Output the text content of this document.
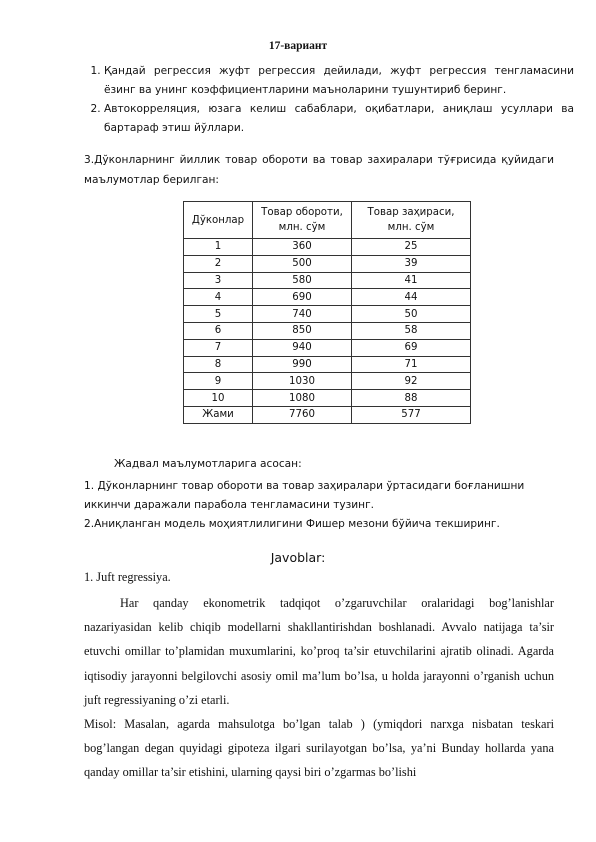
17-вариант
1. Қандай регрессия жуфт регрессия дейилади, жуфт регрессия тенгламасини ёзинг ва унинг коэффициентларини маъноларини тушунтириб беринг.
2. Автокорреляция, юзага келиш сабаблари, оқибатлари, аниқлаш усуллари ва бартараф этиш йўллари.
3.Дўконларнинг йиллик товар обороти ва товар захиралари тўғрисида қуйидаги маълумотлар берилган:
Дўконлар	Товар обороти, млн. сўм	Товар заҳираси, млн. сўм
1	360	25
2	500	39
3	580	41
4	690	44
5	740	50
6	850	58
7	940	69
8	990	71
9	1030	92
10	1080	88
Жами	7760	577
Жадвал маълумотларига асосан:
1. Дўконларнинг товар обороти ва товар заҳиралари ўртасидаги боғланишни иккинчи даражали парабола тенгламасини тузинг.
2.Аниқланган модель моҳиятлилигини Фишер мезони бўйича текширинг.
Javoblar:
1. Juft regressiya.

Har qanday ekonometrik tadqiqot o’zgaruvchilar oralaridagi bog’lanishlar nazariyasidan kelib chiqib modellarni shakllantirishdan boshlanadi. Avvalo natijaga ta’sir etuvchi omillar to’plamidan muxumlarini, ko’proq ta’sir etuvchilarini ajratib olinadi. Agarda iqtisodiy jarayonni belgilovchi asosiy omil ma’lum bo’lsa, u holda jarayonni o’rganish uchun juft regressiyaning o’zi etarli.

Misol: Masalan, agarda mahsulotga bo’lgan talab ) (ymiqdori narxga nisbatan teskari bog’langan degan quyidagi gipoteza ilgari surilayotgan bo’lsa, ya’ni Bunday hollarda yana qanday omillar ta’sir etishini, ularning qaysi biri o’zgarmas bo’lishi
